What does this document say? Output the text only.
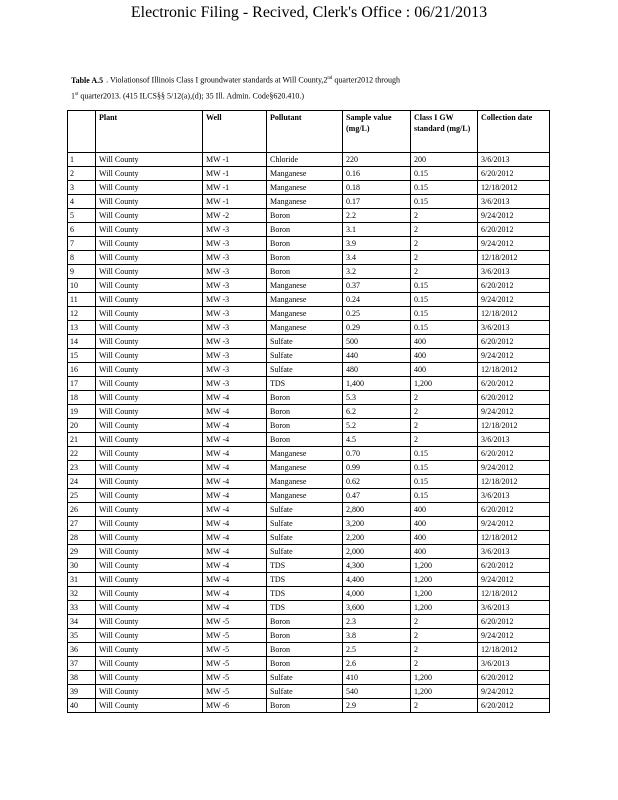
Electronic Filing - Recived, Clerk's Office : 06/21/2013
Table A.5 . Violationsof Illinois Class I groundwater standards at Will County,2nd quarter2012 through
1st quarter2013. (415 ILCS§§ 5/12(a),(d); 35 Ill. Admin. Code§620.410.)
	Plant	Well	Pollutant	Sample value (mg/L)	Class I GW standard (mg/L)	Collection date
1	Will County	MW -1	Chloride	220	200	3/6/2013
2	Will County	MW -1	Manganese	0.16	0.15	6/20/2012
3	Will County	MW -1	Manganese	0.18	0.15	12/18/2012
4	Will County	MW -1	Manganese	0.17	0.15	3/6/2013
5	Will County	MW -2	Boron	2.2	2	9/24/2012
6	Will County	MW -3	Boron	3.1	2	6/20/2012
7	Will County	MW -3	Boron	3.9	2	9/24/2012
8	Will County	MW -3	Boron	3.4	2	12/18/2012
9	Will County	MW -3	Boron	3.2	2	3/6/2013
10	Will County	MW -3	Manganese	0.37	0.15	6/20/2012
11	Will County	MW -3	Manganese	0.24	0.15	9/24/2012
12	Will County	MW -3	Manganese	0.25	0.15	12/18/2012
13	Will County	MW -3	Manganese	0.29	0.15	3/6/2013
14	Will County	MW -3	Sulfate	500	400	6/20/2012
15	Will County	MW -3	Sulfate	440	400	9/24/2012
16	Will County	MW -3	Sulfate	480	400	12/18/2012
17	Will County	MW -3	TDS	1,400	1,200	6/20/2012
18	Will County	MW -4	Boron	5.3	2	6/20/2012
19	Will County	MW -4	Boron	6.2	2	9/24/2012
20	Will County	MW -4	Boron	5.2	2	12/18/2012
21	Will County	MW -4	Boron	4.5	2	3/6/2013
22	Will County	MW -4	Manganese	0.70	0.15	6/20/2012
23	Will County	MW -4	Manganese	0.99	0.15	9/24/2012
24	Will County	MW -4	Manganese	0.62	0.15	12/18/2012
25	Will County	MW -4	Manganese	0.47	0.15	3/6/2013
26	Will County	MW -4	Sulfate	2,800	400	6/20/2012
27	Will County	MW -4	Sulfate	3,200	400	9/24/2012
28	Will County	MW -4	Sulfate	2,200	400	12/18/2012
29	Will County	MW -4	Sulfate	2,000	400	3/6/2013
30	Will County	MW -4	TDS	4,300	1,200	6/20/2012
31	Will County	MW -4	TDS	4,400	1,200	9/24/2012
32	Will County	MW -4	TDS	4,000	1,200	12/18/2012
33	Will County	MW -4	TDS	3,600	1,200	3/6/2013
34	Will County	MW -5	Boron	2.3	2	6/20/2012
35	Will County	MW -5	Boron	3.8	2	9/24/2012
36	Will County	MW -5	Boron	2.5	2	12/18/2012
37	Will County	MW -5	Boron	2.6	2	3/6/2013
38	Will County	MW -5	Sulfate	410	1,200	6/20/2012
39	Will County	MW -5	Sulfate	540	1,200	9/24/2012
40	Will County	MW -6	Boron	2.9	2	6/20/2012
